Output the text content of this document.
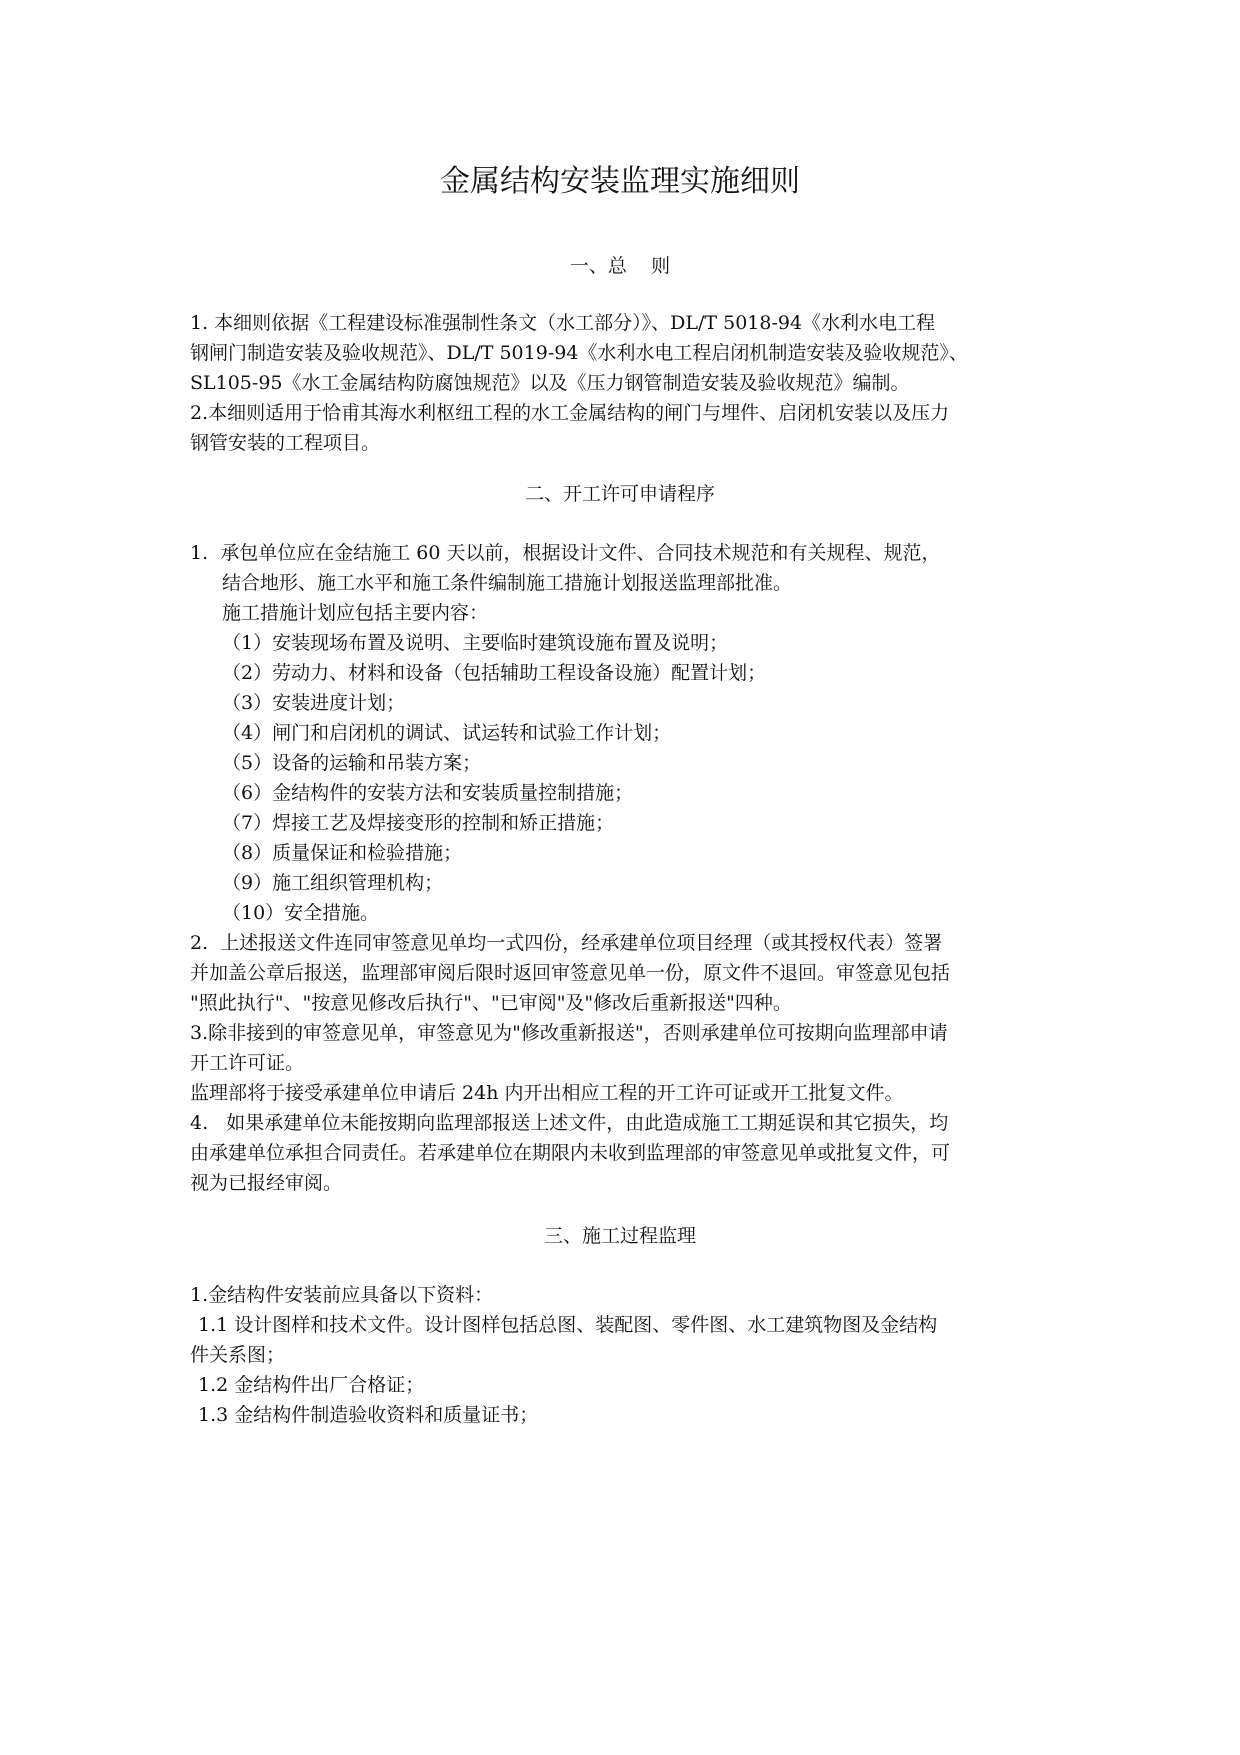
金属结构安装监理实施细则
一、总    则
1. 本细则依据《工程建设标准强制性条文（水工部分）》、DL/T 5018-94《水利水电工程
钢闸门制造安装及验收规范》、DL/T 5019-94《水利水电工程启闭机制造安装及验收规范》、
SL105-95《水工金属结构防腐蚀规范》以及《压力钢管制造安装及验收规范》编制。
2.本细则适用于恰甫其海水利枢纽工程的水工金属结构的闸门与埋件、启闭机安装以及压力
钢管安装的工程项目。
二、开工许可申请程序
1.  承包单位应在金结施工 60 天以前，根据设计文件、合同技术规范和有关规程、规范，
结合地形、施工水平和施工条件编制施工措施计划报送监理部批准。
施工措施计划应包括主要内容：
（1）安装现场布置及说明、主要临时建筑设施布置及说明；
（2）劳动力、材料和设备（包括辅助工程设备设施）配置计划；
（3）安装进度计划；
（4）闸门和启闭机的调试、试运转和试验工作计划；
（5）设备的运输和吊装方案；
（6）金结构件的安装方法和安装质量控制措施；
（7）焊接工艺及焊接变形的控制和矫正措施；
（8）质量保证和检验措施；
（9）施工组织管理机构；
（10）安全措施。
2.  上述报送文件连同审签意见单均一式四份，经承建单位项目经理（或其授权代表）签署
并加盖公章后报送，监理部审阅后限时返回审签意见单一份，原文件不退回。审签意见包括
"照此执行"、"按意见修改后执行"、"已审阅"及"修改后重新报送"四种。
3.除非接到的审签意见单，审签意见为"修改重新报送"，否则承建单位可按期向监理部申请
开工许可证。
监理部将于接受承建单位申请后 24h 内开出相应工程的开工许可证或开工批复文件。
4.   如果承建单位未能按期向监理部报送上述文件，由此造成施工工期延误和其它损失，均
由承建单位承担合同责任。若承建单位在期限内未收到监理部的审签意见单或批复文件，可
视为已报经审阅。
三、施工过程监理
1.金结构件安装前应具备以下资料：
1.1 设计图样和技术文件。设计图样包括总图、装配图、零件图、水工建筑物图及金结构
件关系图；
1.2 金结构件出厂合格证；
1.3 金结构件制造验收资料和质量证书；
